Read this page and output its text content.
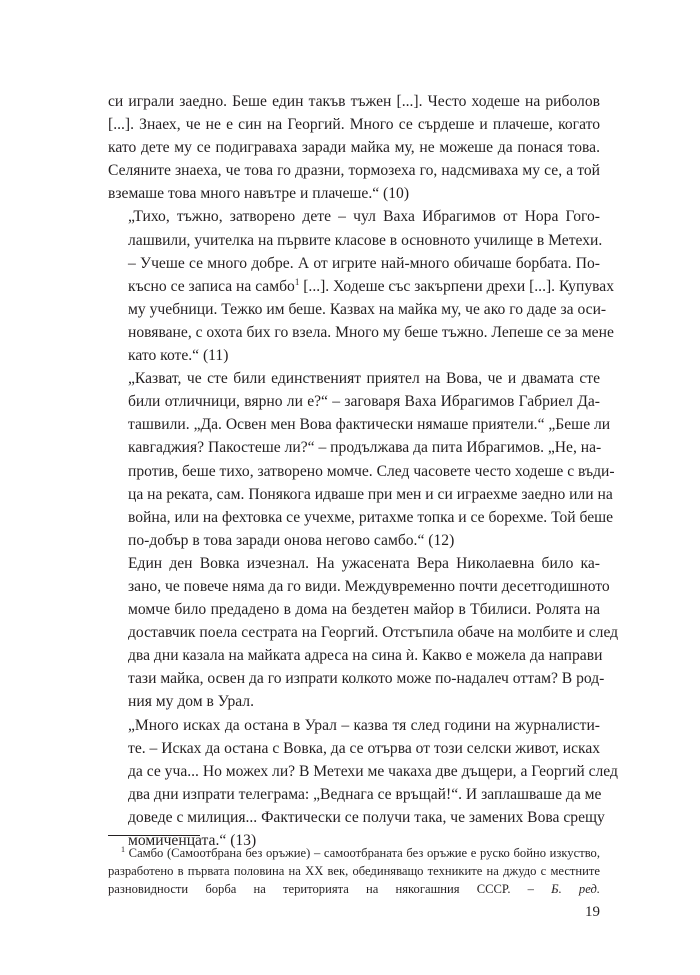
си играли заедно. Беше един такъв тъжен [...]. Често ходеше на риболов
[...]. Знаех, че не е син на Георгий. Много се сърдеше и плачеше, когато
като дете му се подиграваха заради майка му, не можеше да понася това.
Селяните знаеха, че това го дразни, тормозеха го, надсмиваха му се, а той
вземаше това много навътре и плачеше.“ (10)

„Тихо, тъжно, затворено дете – чул Ваха Ибрагимов от Нора Гого-
лашвили, учителка на първите класове в основното училище в Метехи.
– Учеше се много добре. А от игрите най-много обичаше борбата. По-
късно се записа на самбо$^1$ [...]. Ходеше със закърпени дрехи [...]. Купувах
му учебници. Тежко им беше. Казвах на майка му, че ако го даде за оси-
новяване, с охота бих го взела. Много му беше тъжно. Лепеше се за мене
като коте.“ (11)

„Казват, че сте били единственият приятел на Вова, че и двамата сте
били отличници, вярно ли е?“ – заговаря Ваха Ибрагимов Габриел Да-
ташвили. „Да. Освен мен Вова фактически нямаше приятели.“ „Беше ли
кавгаджия? Пакостеше ли?“ – продължава да пита Ибрагимов. „Не, на-
против, беше тихо, затворено момче. След часовете често ходеше с въди-
ца на реката, сам. Понякога идваше при мен и си играехме заедно или на
война, или на фехтовка се учехме, ритахме топка и се борехме. Той беше
по-добър в това заради онова негово самбо.“ (12)

Един ден Вовка изчезнал. На ужасената Вера Николаевна било ка-
зано, че повече няма да го види. Междувременно почти десетгодишното
момче било предадено в дома на бездетен майор в Тбилиси. Ролята на
доставчик поела сестрата на Георгий. Отстъпила обаче на молбите и след
два дни казала на майката адреса на сина ѝ. Какво е можела да направи
тази майка, освен да го изпрати колкото може по-надалеч оттам? В род-
ния му дом в Урал.

„Много исках да остана в Урал – казва тя след години на журналисти-
те. – Исках да остана с Вовка, да се отърва от този селски живот, исках
да се уча... Но можех ли? В Метехи ме чакаха две дъщери, а Георгий след
два дни изпрати телеграма: „Веднага се връщай!“. И заплашваше да ме
доведе с милиция... Фактически се получи така, че замених Вова срещу
момиченцата.“ (13)

$^1$ Самбо (Самоотбрана без оръжие) – самоотбраната без оръжие е руско бойно изкуство,
разработено в първата половина на XX век, обединяващо техниките на джудо с местните
разновидности борба на територията на някогашния СССР. – Б. ред.
19
